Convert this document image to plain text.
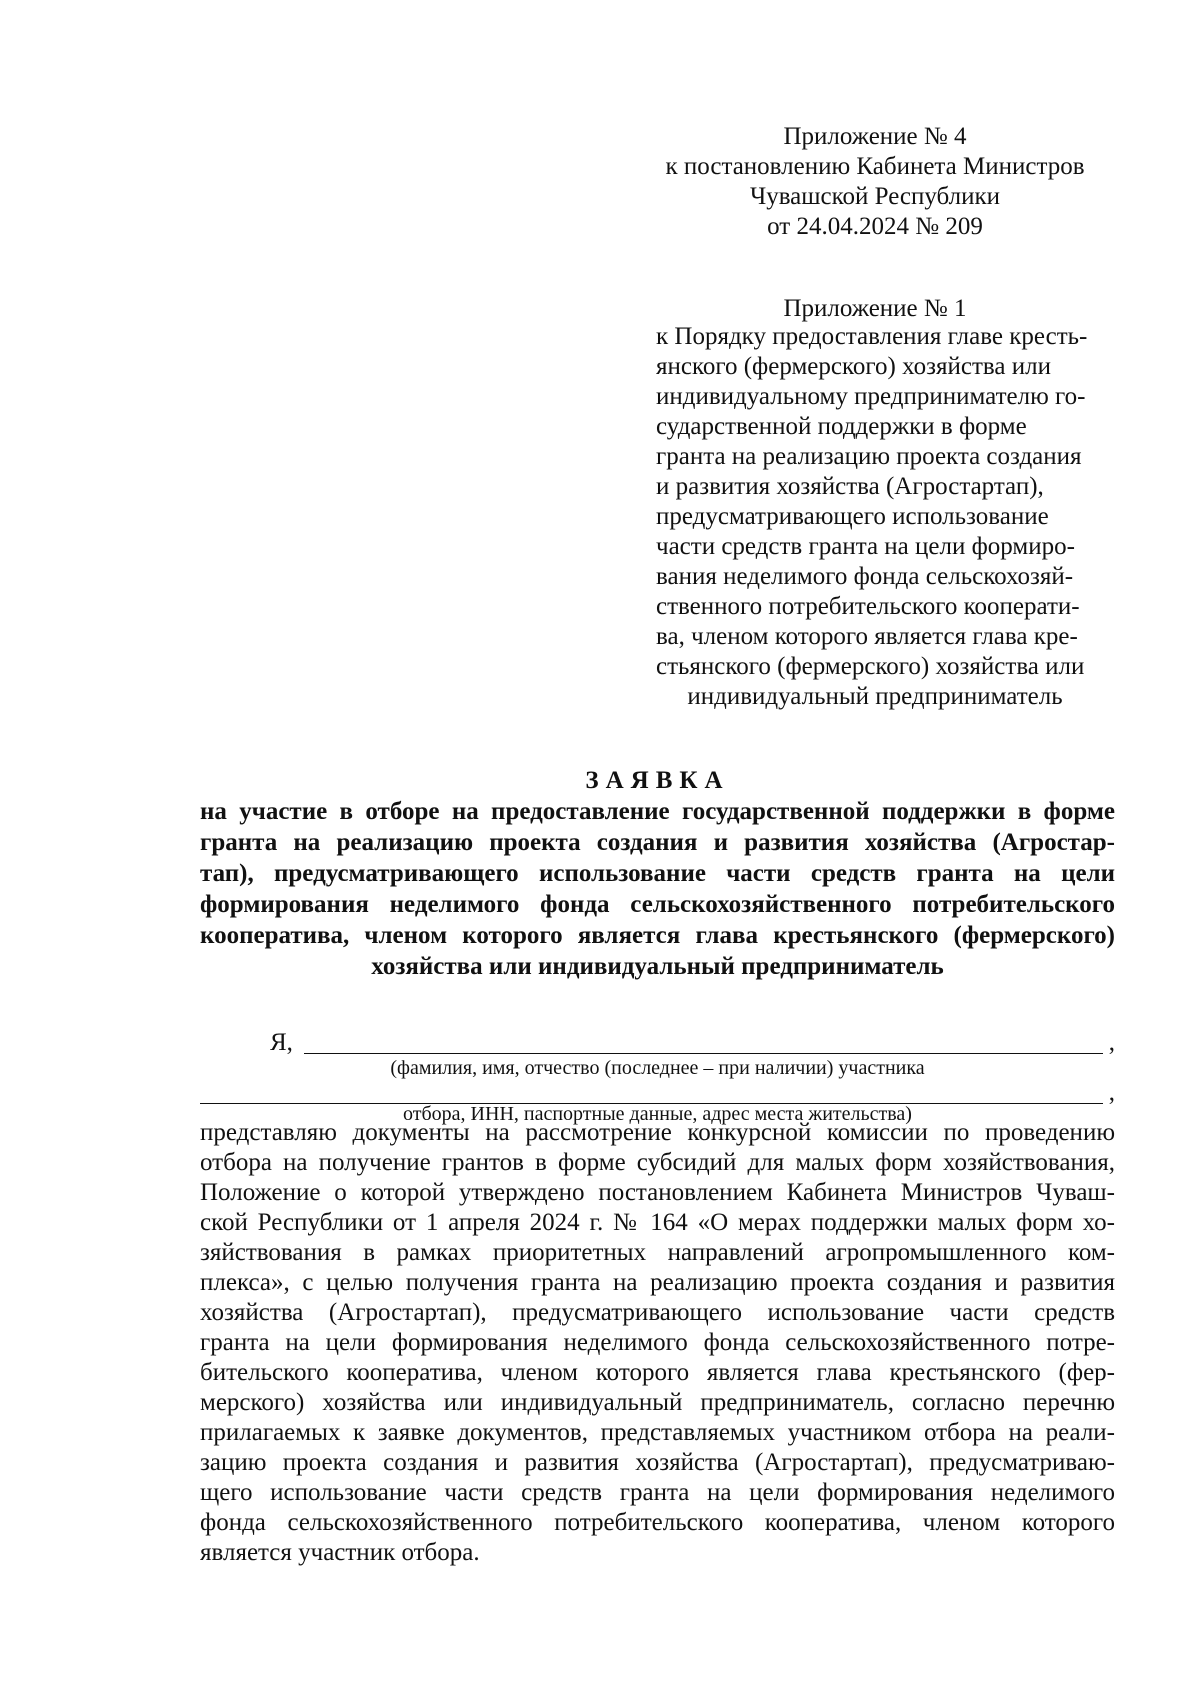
Приложение № 4
к постановлению Кабинета Министров
Чувашской Республики
от 24.04.2024 № 209
Приложение № 1
к Порядку предоставления главе кресть-
янского (фермерского) хозяйства или
индивидуальному предпринимателю го-
сударственной поддержки в форме
гранта на реализацию проекта создания
и развития хозяйства (Агростартап),
предусматривающего использование
части средств гранта на цели формиро-
вания неделимого фонда сельскохозяй-
ственного потребительского кооперати-
ва, членом которого является глава кре-
стьянского (фермерского) хозяйства или
индивидуальный предприниматель
ЗАЯВКА
на участие в отборе на предоставление государственной поддержки в форме
гранта на реализацию проекта создания и развития хозяйства (Агростар-
тап), предусматривающего использование части средств гранта на цели
формирования неделимого фонда сельскохозяйственного потребительского
кооператива, членом которого является глава крестьянского (фермерского)
хозяйства или индивидуальный предприниматель
Я,	,
(фамилия, имя, отчество (последнее – при наличии) участника
,
отбора, ИНН, паспортные данные, адрес места жительства)
представляю документы на рассмотрение конкурсной комиссии по проведению
отбора на получение грантов в форме субсидий для малых форм хозяйствования,
Положение о которой утверждено постановлением Кабинета Министров Чуваш-
ской Республики от 1 апреля 2024 г. № 164 «О мерах поддержки малых форм хо-
зяйствования в рамках приоритетных направлений агропромышленного ком-
плекса», с целью получения гранта на реализацию проекта создания и развития
хозяйства (Агростартап), предусматривающего использование части средств
гранта на цели формирования неделимого фонда сельскохозяйственного потре-
бительского кооператива, членом которого является глава крестьянского (фер-
мерского) хозяйства или индивидуальный предприниматель, согласно перечню
прилагаемых к заявке документов, представляемых участником отбора на реали-
зацию проекта создания и развития хозяйства (Агростартап), предусматриваю-
щего использование части средств гранта на цели формирования неделимого
фонда сельскохозяйственного потребительского кооператива, членом которого
является участник отбора.
